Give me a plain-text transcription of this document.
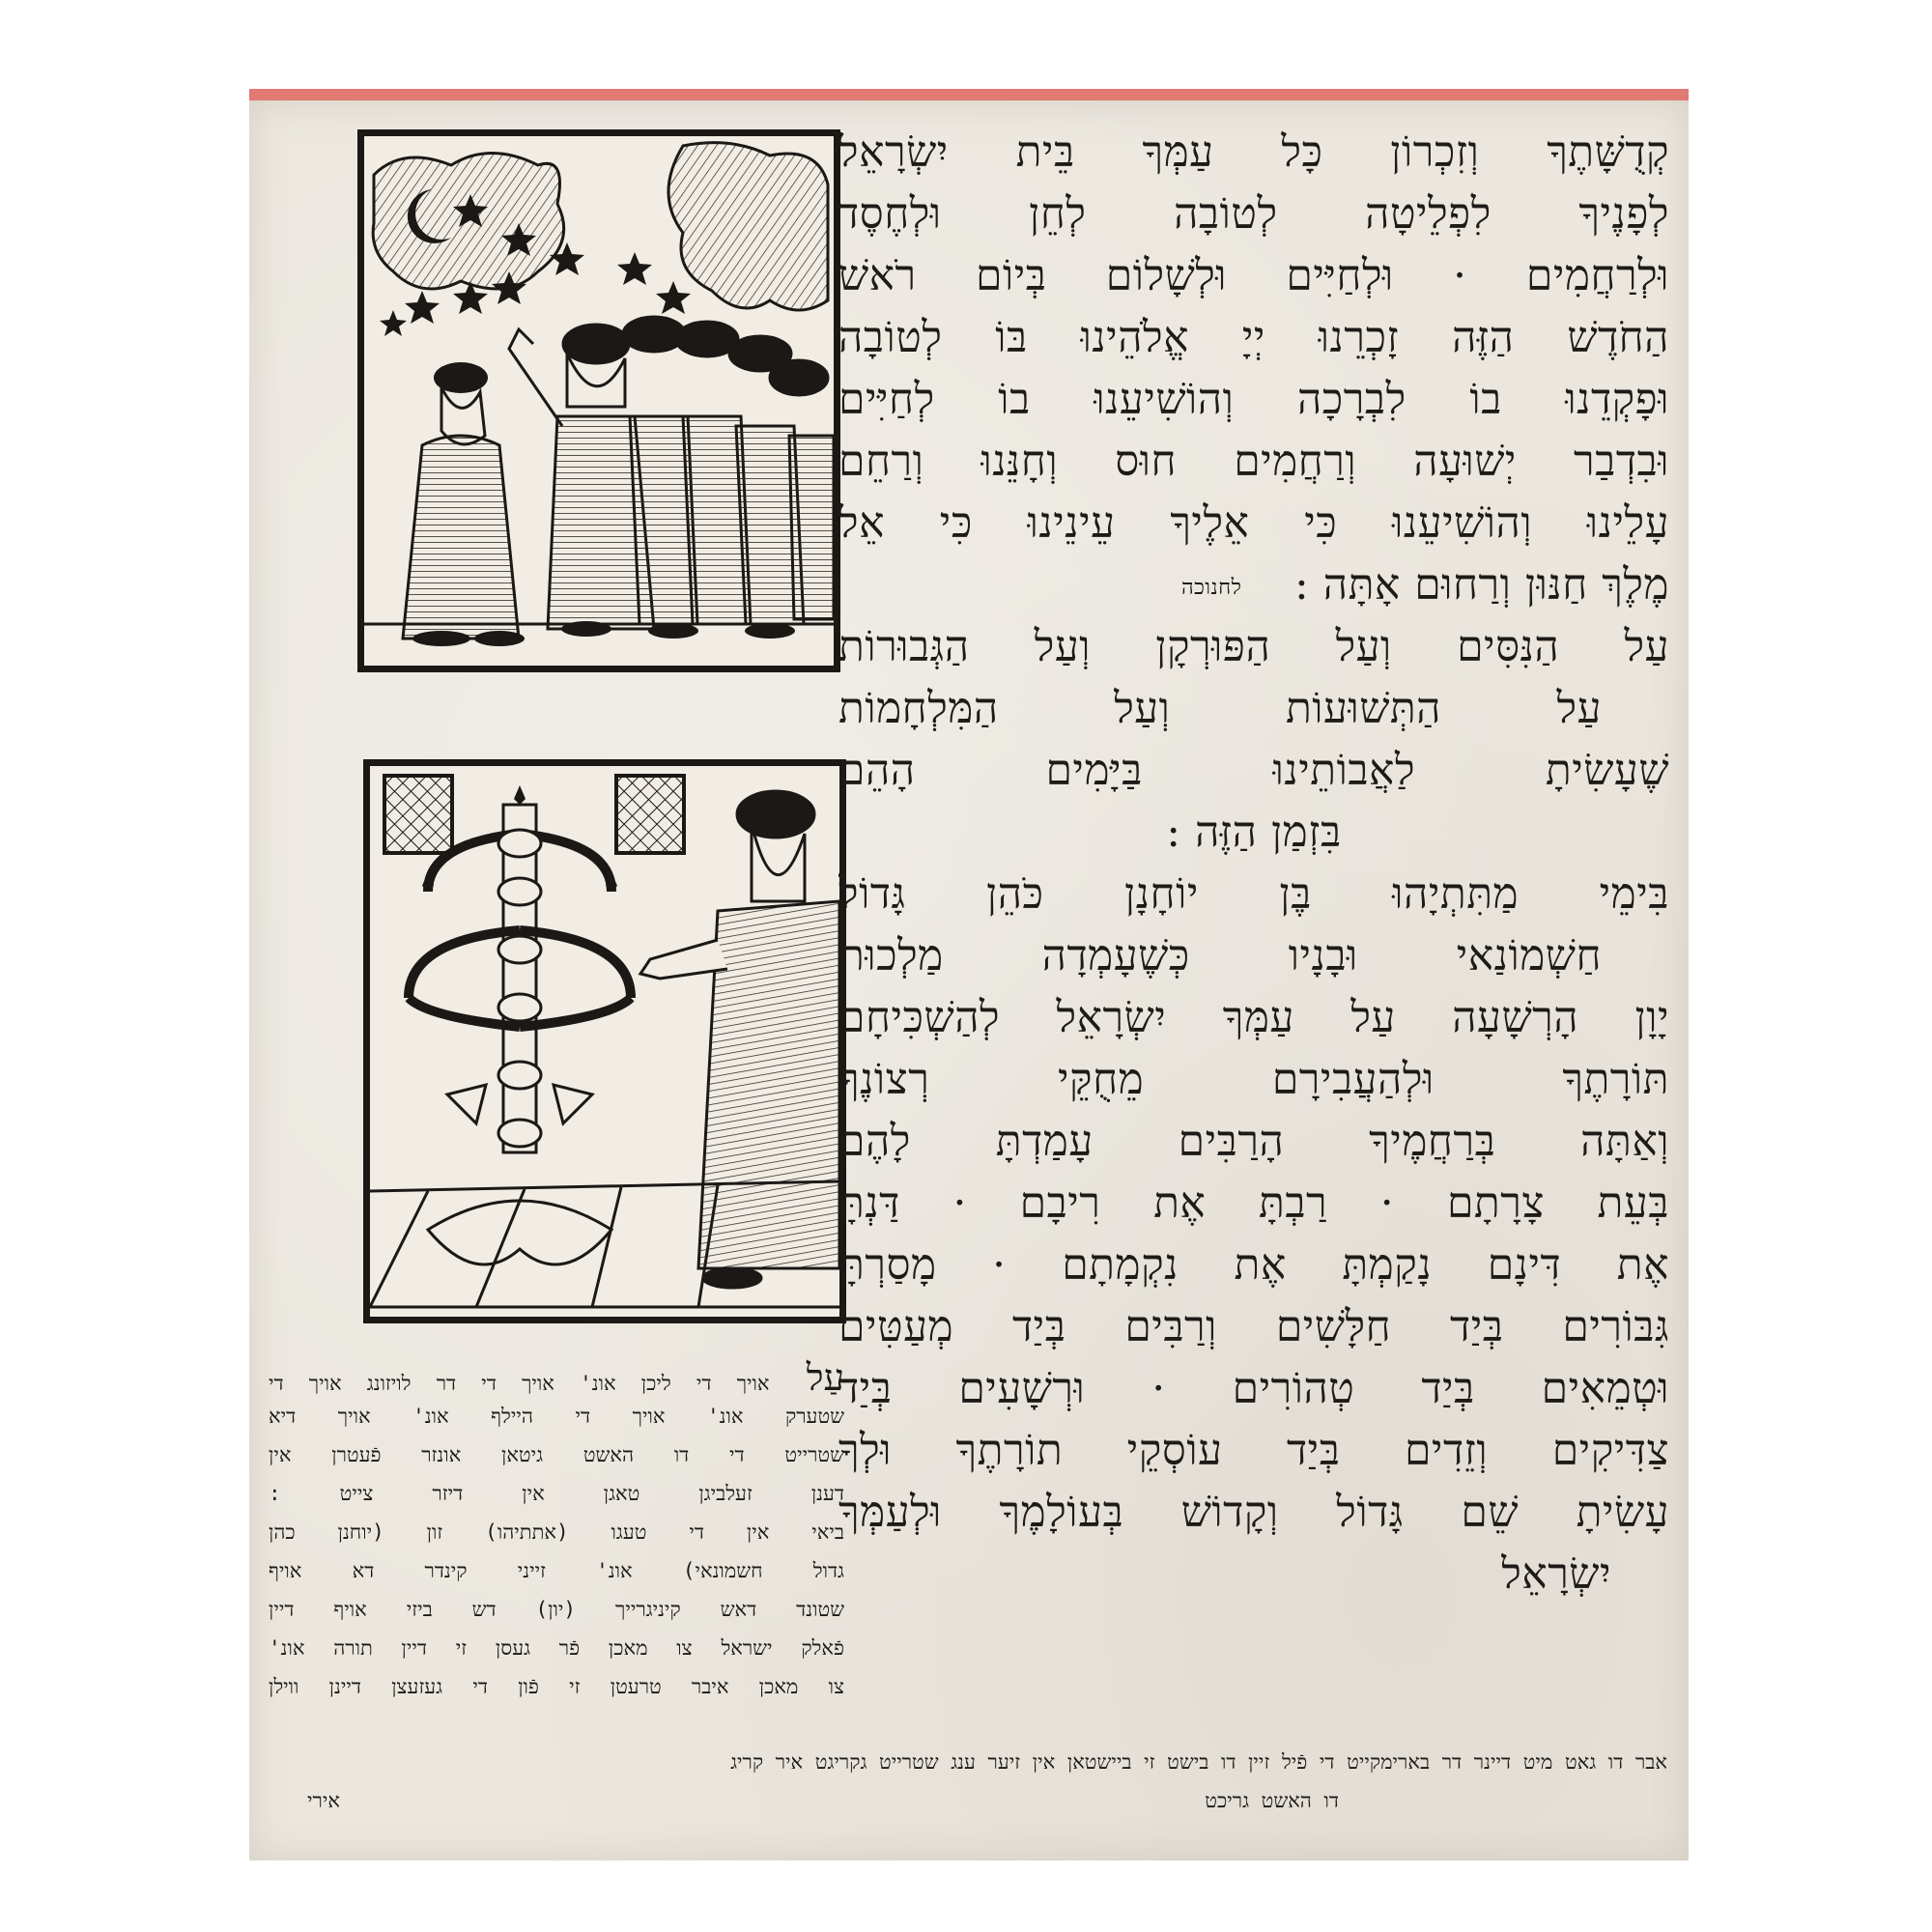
קְדֻשָּׁתֶךָ וְזִכְרוֹן כָּל עַמְּךָ בֵּית יִשְׂרָאֵל
לְפָנֶיךָ לִפְלֵיטָה לְטוֹבָה לְחֵן וּלְחֶסֶד
וּלְרַחֲמִים · וּלְחַיִּים וּלְשָׁלוֹם בְּיוֹם רֹאשׁ
הַחֹדֶשׁ הַזֶּה זָכְרֵנוּ יְיָ אֱלֹהֵינוּ בּוֹ לְטוֹבָה
וּפָקְדֵנוּ בוֹ לִבְרָכָה וְהוֹשִׁיעֵנוּ בוֹ לְחַיִּים
וּבִדְבַר יְשׁוּעָה וְרַחֲמִים חוּס וְחָנֵּנוּ וְרַחֵם
עָלֵינוּ וְהוֹשִׁיעֵנוּ כִּי אֵלֶיךָ עֵינֵינוּ כִּי אֵל
מֶלֶךְ חַנּוּן וְרַחוּם אָתָּה : לחנוכה
עַל הַנִּסִּים וְעַל הַפּוּרְקָן וְעַל הַגְּבוּרוֹת
עַל הַתְּשׁוּעוֹת וְעַל הַמִּלְחָמוֹת
שֶׁעָשִׂיתָ לַאֲבוֹתֵינוּ בַּיָּמִים הָהֵם
בִּזְמַן הַזֶּה :
בִּימֵי מַתִּתְיָהוּ בֶּן יוֹחָנָן כֹּהֵן גָּדוֹל
חַשְׁמוֹנַאי וּבָנָיו כְּשֶׁעָמְדָה מַלְכוּת
יָוָן הָרְשָׁעָה עַל עַמְּךָ יִשְׂרָאֵל לְהַשְׁכִּיחָם
תּוֹרָתֶךָ וּלְהַעֲבִירָם מֵחֻקֵּי רְצוֹנֶךָ
וְאַתָּה בְּרַחֲמֶיךָ הָרַבִּים עָמַדְתָּ לָהֶם
בְּעֵת צָרָתָם · רַבְתָּ אֶת רִיבָם · דַּנְתָּ
אֶת דִּינָם נָקַמְתָּ אֶת נִקְמָתָם · מָסַרְתָּ
גִּבּוֹרִים בְּיַד חַלָּשִׁים וְרַבִּים בְּיַד מְעַטִּים
וּטְמֵאִים בְּיַד טְהוֹרִים · וּרְשָׁעִים בְּיַד
צַדִּיקִים וְזֵדִים בְּיַד עוֹסְקֵי תוֹרָתֶךָ וּלְךָ
עָשִׂיתָ שֵׁם גָּדוֹל וְקָדוֹשׁ בְּעוֹלָמֶךָ וּלְעַמְּךָ
יִשְׂרָאֵל
עַל אויך די ליכן אונ' אויך די דר לויזונג אויך די
שטערק אונ' אויך די היילף אונ' אויך דיא
שטרייט די דו האשט גיטאן אונזר פֿעטרן אין
דענן זעלביגן טאגן אין דיזר צייט :
ביאי אין די טעגו (אתתיהו) זון (יוחנן כהן
גדול חשמונאי) אונ' זייני קינדר דא אויף
שטונד דאש קיניגרייך (יון) דש ביזי אויף דיין
פֿאלק ישראל צו מאכן פֿר געסן זי דיין תורה אונ'
צו מאכן איבר טרעטן זי פֿון די געזעצן דיינן ווילן
אבר דו גאט מיט דיינר דר בארימקייט די פֿיל זיין דו בישט זי ביישטאן אין זיער ענג שטרייט גקריגט איר קריג
דו האשט גריכט
אירי
